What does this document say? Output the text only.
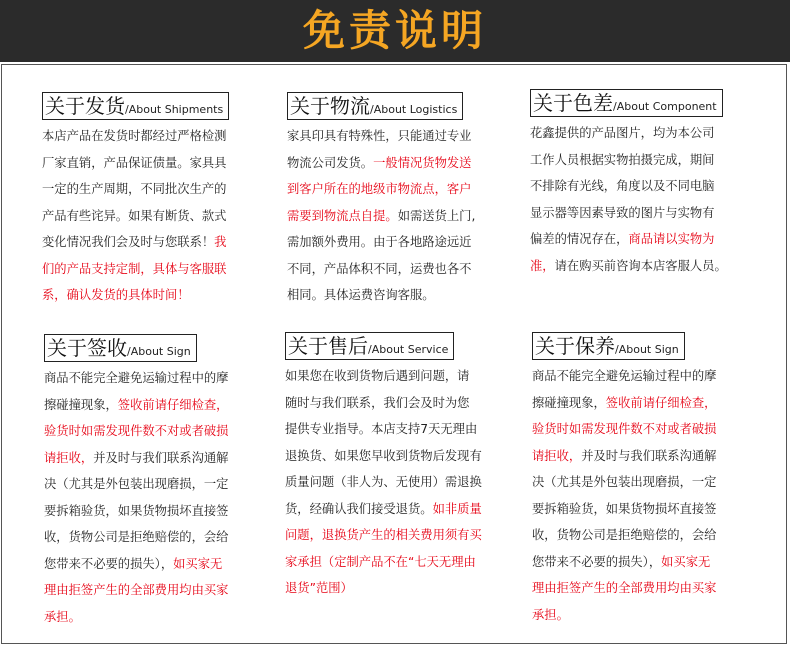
免责说明
关于发货/About Shipments
本店产品在发货时都经过严格检测
厂家直销，产品保证债量。家具具
一定的生产周期，不同批次生产的
产品有些诧异。如果有断货、款式
变化情况我们会及时与您联系！我
们的产品支持定制，具体与客服联
系，确认发货的具体时间！
关于物流/About Logistics
家具印具有特殊性，只能通过专业
物流公司发货。一般情况货物发送
到客户所在的地级市物流点，客户
需要到物流点自提。如需送货上门,
需加额外费用。由于各地路途远近
不同，产品体积不同，运费也各不
相同。具体运费咨询客服。
关于色差/About Component
花鑫提供的产品图片，均为本公司
工作人员根据实物拍摄完成，期间
不排除有光线，角度以及不同电脑
显示器等因素导致的图片与实物有
偏差的情况存在，商品请以实物为
准，请在购买前咨询本店客服人员。
关于签收/About Sign
商品不能完全避免运输过程中的摩
擦碰撞现象，签收前请仔细检查，
验货时如需发现件数不对或者破损
请拒收，并及时与我们联系沟通解
决（尤其是外包装出现磨损，一定
要拆箱验货，如果货物损坏直接签
收，货物公司是拒绝赔偿的，会给
您带来不必要的损失），如买家无
理由拒签产生的全部费用均由买家
承担。
关于售后/About Service
如果您在收到货物后遇到问题，请
随时与我们联系，我们会及时为您
提供专业指导。本店支持7天无理由
退换货、如果您早收到货物后发现有
质量问题（非人为、无使用）需退换
货，经确认我们接受退货。如非质量
问题，退换货产生的相关费用须有买
家承担（定制产品不在“七天无理由
退货”范围）
关于保养/About Sign
商品不能完全避免运输过程中的摩
擦碰撞现象，签收前请仔细检查，
验货时如需发现件数不对或者破损
请拒收，并及时与我们联系沟通解
决（尤其是外包装出现磨损，一定
要拆箱验货，如果货物损坏直接签
收，货物公司是拒绝赔偿的，会给
您带来不必要的损失），如买家无
理由拒签产生的全部费用均由买家
承担。
